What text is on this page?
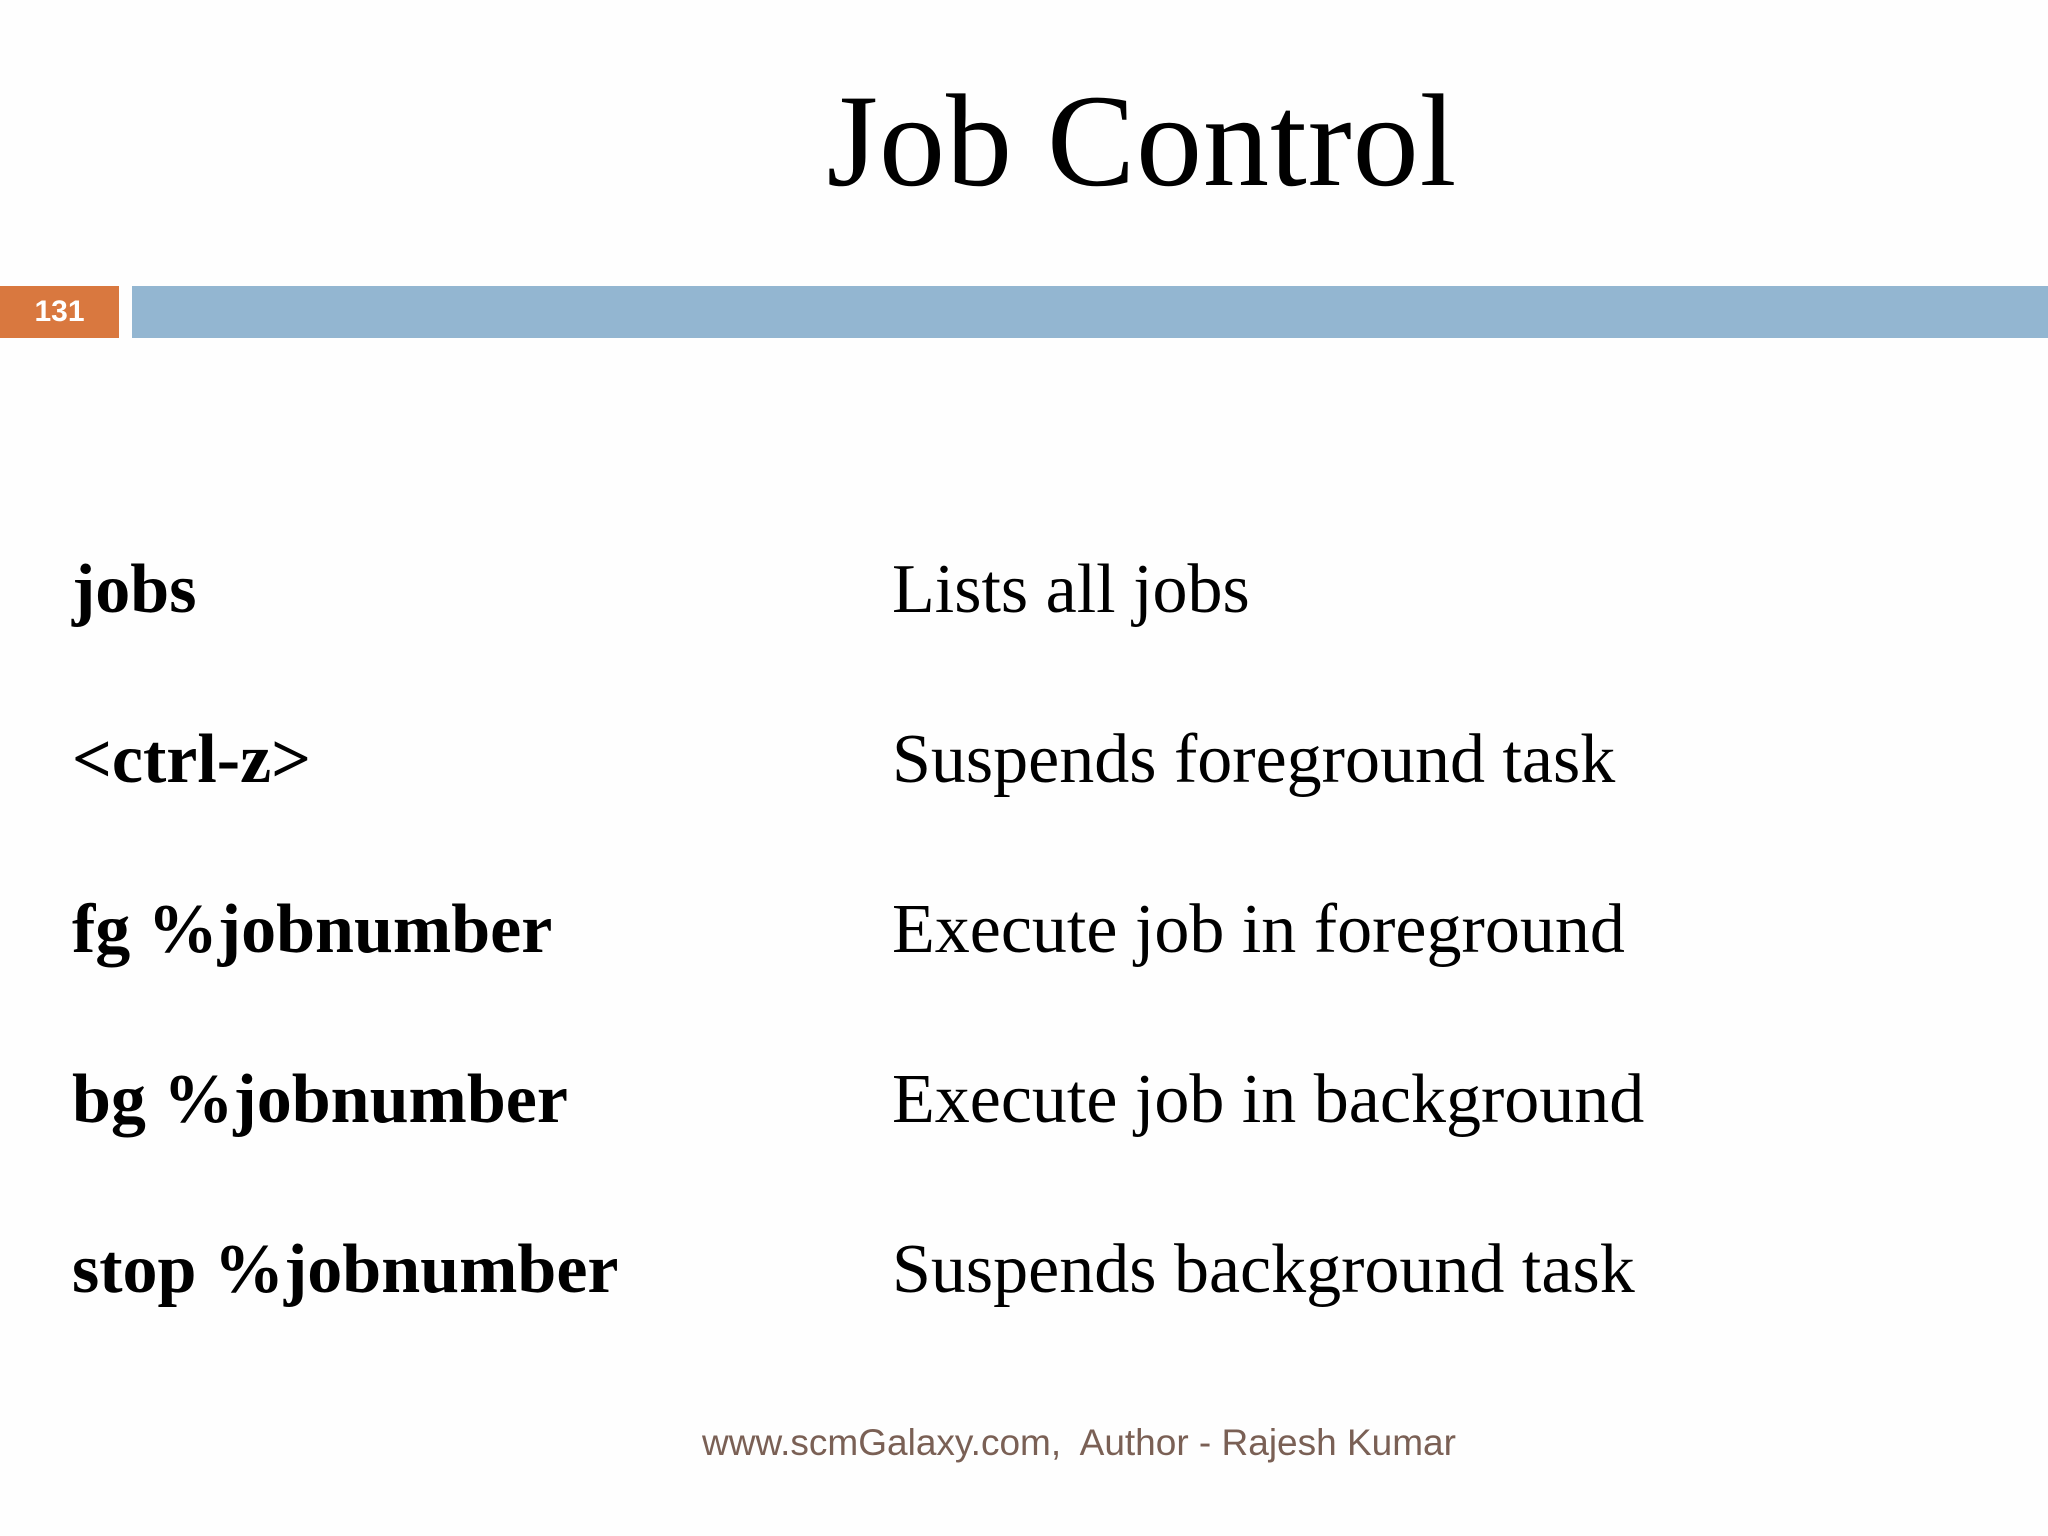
Job Control
131
jobs	Lists all jobs
<ctrl-z>	Suspends foreground task
fg %jobnumber	Execute job in foreground
bg %jobnumber	Execute job in background
stop %jobnumber	Suspends background task
www.scmGalaxy.com,  Author - Rajesh Kumar
